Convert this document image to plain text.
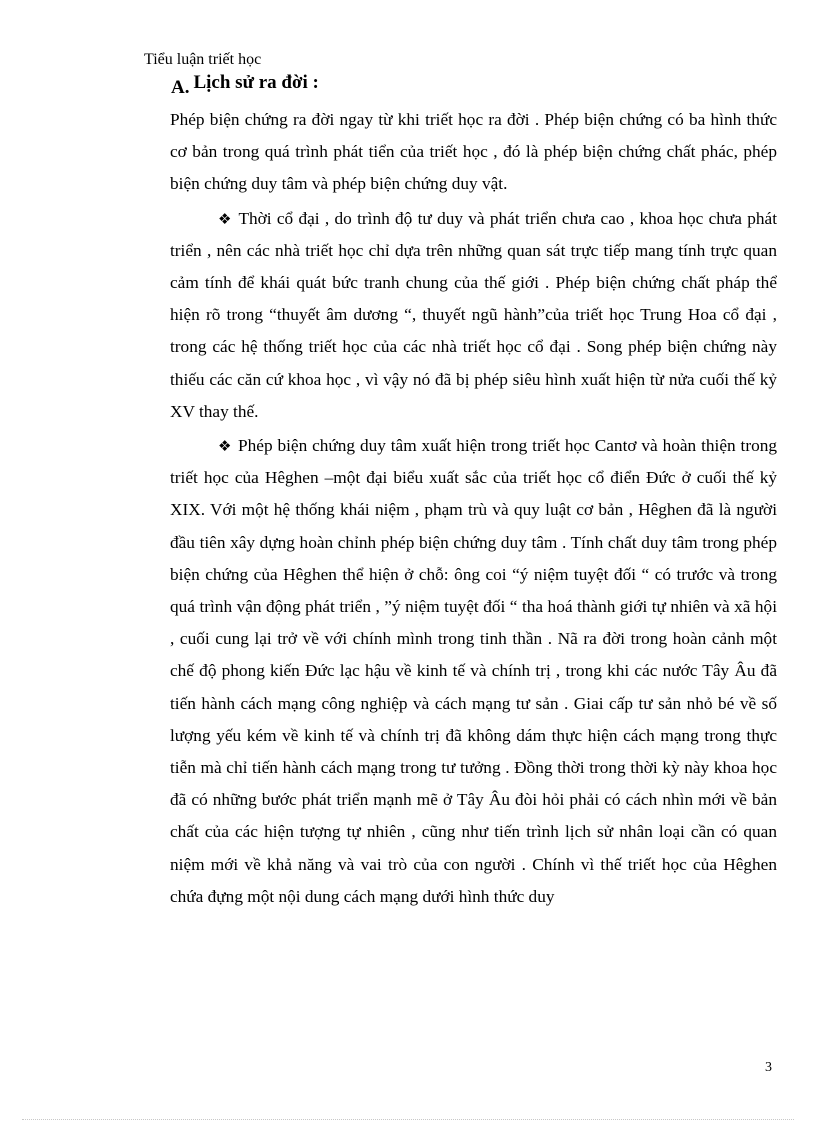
Tiểu luận triết học
A. Lịch sử ra đời :

Phép biện chứng ra đời ngay từ khi triết học ra đời . Phép biện chứng có ba hình thức cơ bản trong quá trình phát tiển của triết học , đó là phép biện chứng chất phác, phép biện chứng duy tâm và phép biện chứng duy vật.

❖ Thời cổ đại , do trình độ tư duy và phát triển chưa cao , khoa học chưa phát triển , nên các nhà triết học chỉ dựa trên những quan sát trực tiếp mang tính trực quan cảm tính để khái quát bức tranh chung của thế giới . Phép biện chứng chất pháp thể hiện rõ trong “thuyết âm dương “, thuyết ngũ hành”của triết học Trung Hoa cổ đại , trong các hệ thống triết học của các nhà triết học cổ đại . Song phép biện chứng này thiếu các căn cứ khoa học , vì vậy nó đã bị phép siêu hình xuất hiện từ nửa cuối thế kỷ XV thay thế.

❖ Phép biện chứng duy tâm xuất hiện trong triết học Cantơ và hoàn thiện trong triết học của Hêghen –một đại biểu xuất sắc của triết học cổ điển Đức ở cuối thế kỷ XIX. Với một hệ thống khái niệm , phạm trù và quy luật cơ bản , Hêghen đã là người đầu tiên xây dựng hoàn chỉnh phép biện chứng duy tâm . Tính chất duy tâm trong phép biện chứng của Hêghen thể hiện ở chỗ: ông coi “ý niệm tuyệt đối “ có trước và trong quá trình vận động phát triển , ”ý niệm tuyệt đối “ tha hoá thành giới tự nhiên và xã hội , cuối cung lại trở về với chính mình trong tinh thần . Nã ra đời trong hoàn cảnh một chế độ phong kiến Đức lạc hậu về kinh tế và chính trị , trong khi các nước Tây Âu đã tiến hành cách mạng công nghiệp và cách mạng tư sản . Giai cấp tư sản nhỏ bé về số lượng yếu kém về kinh tế và chính trị đã không dám thực hiện cách mạng trong thực tiễn mà chỉ tiến hành cách mạng trong tư tưởng . Đồng thời trong thời kỳ này khoa học đã có những bước phát triển mạnh mẽ ở Tây Âu đòi hỏi phải có cách nhìn mới về bản chất của các hiện tượng tự nhiên , cũng như tiến trình lịch sử nhân loại cần có quan niệm mới về khả năng và vai trò của con người . Chính vì thế triết học của Hêghen chứa đựng một nội dung cách mạng dưới hình thức duy

3
